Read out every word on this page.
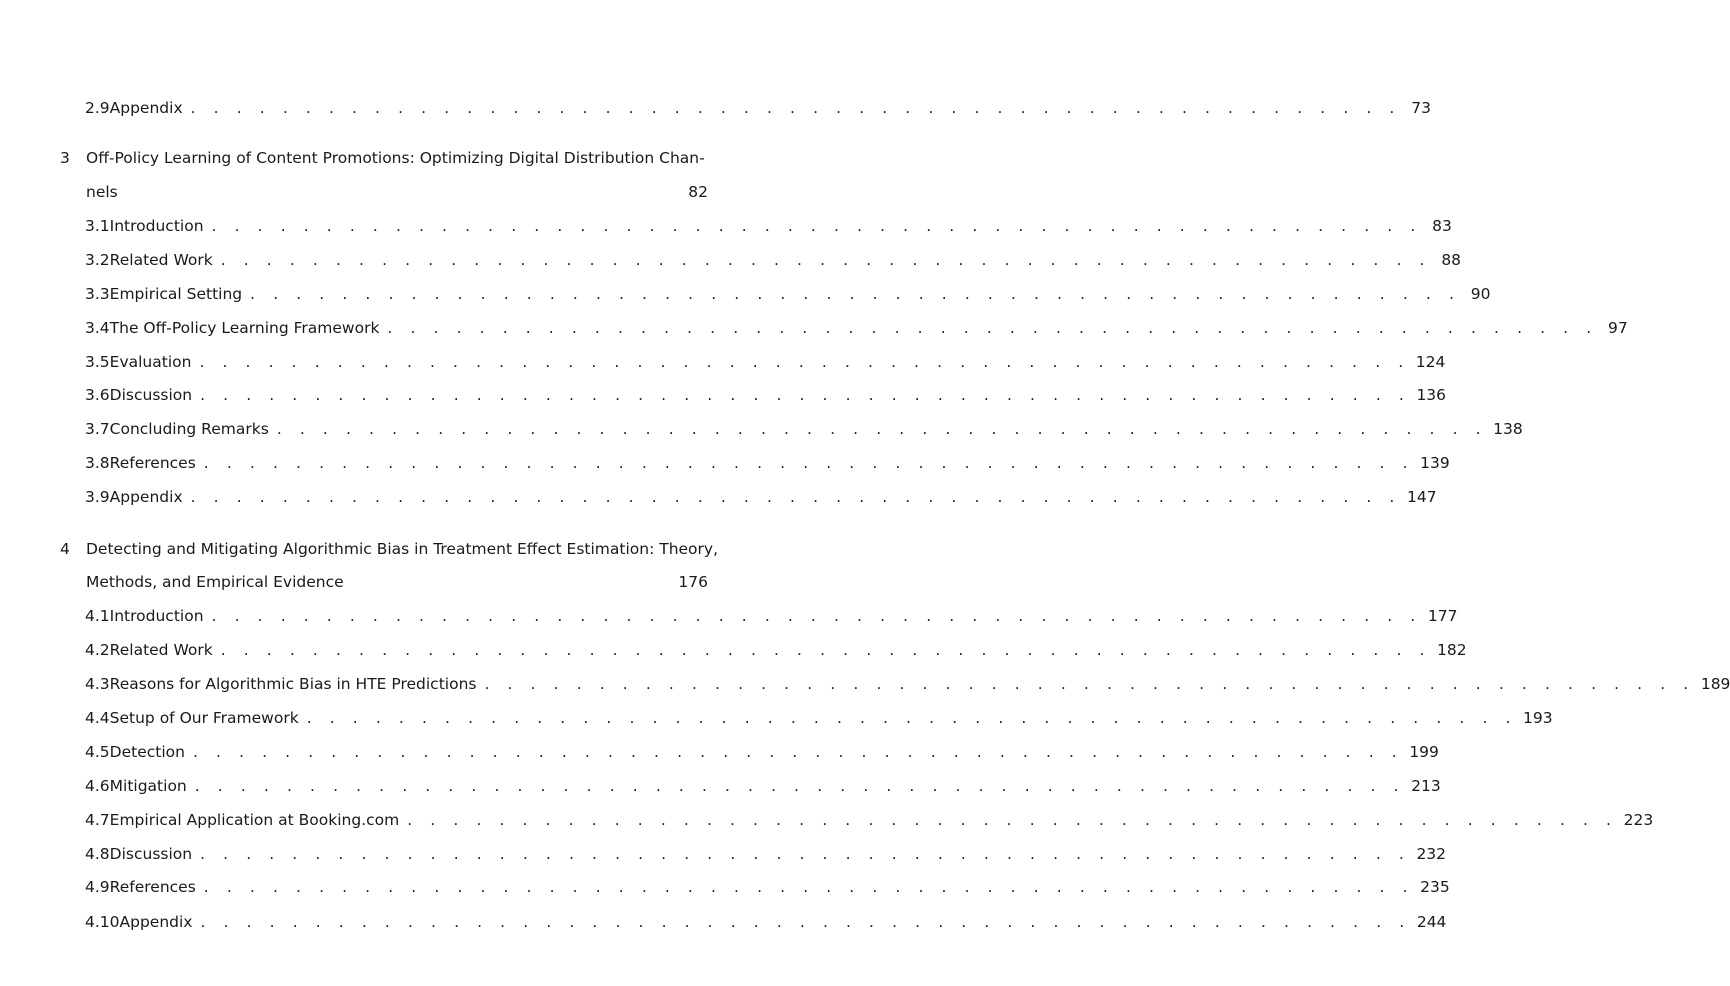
2.9 Appendix . . . . . . . . . . . . . . . . . . . . . . . . . . . . . . . . . . . . . . . . . . . . . . . . . . . . . 73
3 Off-Policy Learning of Content Promotions: Optimizing Digital Distribution Chan-
nels	82
3.1 Introduction . . . . . . . . . . . . . . . . . . . . . . . . . . . . . . . . . . . . . . . . . . . . . . . . . . . . . 83
3.2 Related Work . . . . . . . . . . . . . . . . . . . . . . . . . . . . . . . . . . . . . . . . . . . . . . . . . . . . . 88
3.3 Empirical Setting . . . . . . . . . . . . . . . . . . . . . . . . . . . . . . . . . . . . . . . . . . . . . . . . . . . . . 90
3.4 The Off-Policy Learning Framework . . . . . . . . . . . . . . . . . . . . . . . . . . . . . . . . . . . . . . . . . . . . . . . . . . . . . 97
3.5 Evaluation . . . . . . . . . . . . . . . . . . . . . . . . . . . . . . . . . . . . . . . . . . . . . . . . . . . . . 124
3.6 Discussion . . . . . . . . . . . . . . . . . . . . . . . . . . . . . . . . . . . . . . . . . . . . . . . . . . . . . 136
3.7 Concluding Remarks . . . . . . . . . . . . . . . . . . . . . . . . . . . . . . . . . . . . . . . . . . . . . . . . . . . . . 138
3.8 References . . . . . . . . . . . . . . . . . . . . . . . . . . . . . . . . . . . . . . . . . . . . . . . . . . . . . 139
3.9 Appendix . . . . . . . . . . . . . . . . . . . . . . . . . . . . . . . . . . . . . . . . . . . . . . . . . . . . . 147
4 Detecting and Mitigating Algorithmic Bias in Treatment Effect Estimation: Theory,
Methods, and Empirical Evidence	176
4.1 Introduction . . . . . . . . . . . . . . . . . . . . . . . . . . . . . . . . . . . . . . . . . . . . . . . . . . . . . 177
4.2 Related Work . . . . . . . . . . . . . . . . . . . . . . . . . . . . . . . . . . . . . . . . . . . . . . . . . . . . . 182
4.3 Reasons for Algorithmic Bias in HTE Predictions . . . . . . . . . . . . . . . . . . . . . . . . . . . . . . . . . . . . . . . . . . . . . . . . . . . . . 189
4.4 Setup of Our Framework . . . . . . . . . . . . . . . . . . . . . . . . . . . . . . . . . . . . . . . . . . . . . . . . . . . . . 193
4.5 Detection . . . . . . . . . . . . . . . . . . . . . . . . . . . . . . . . . . . . . . . . . . . . . . . . . . . . . 199
4.6 Mitigation . . . . . . . . . . . . . . . . . . . . . . . . . . . . . . . . . . . . . . . . . . . . . . . . . . . . . 213
4.7 Empirical Application at Booking.com . . . . . . . . . . . . . . . . . . . . . . . . . . . . . . . . . . . . . . . . . . . . . . . . . . . . . 223
4.8 Discussion . . . . . . . . . . . . . . . . . . . . . . . . . . . . . . . . . . . . . . . . . . . . . . . . . . . . . 232
4.9 References . . . . . . . . . . . . . . . . . . . . . . . . . . . . . . . . . . . . . . . . . . . . . . . . . . . . . 235
4.10 Appendix . . . . . . . . . . . . . . . . . . . . . . . . . . . . . . . . . . . . . . . . . . . . . . . . . . . . . 244
